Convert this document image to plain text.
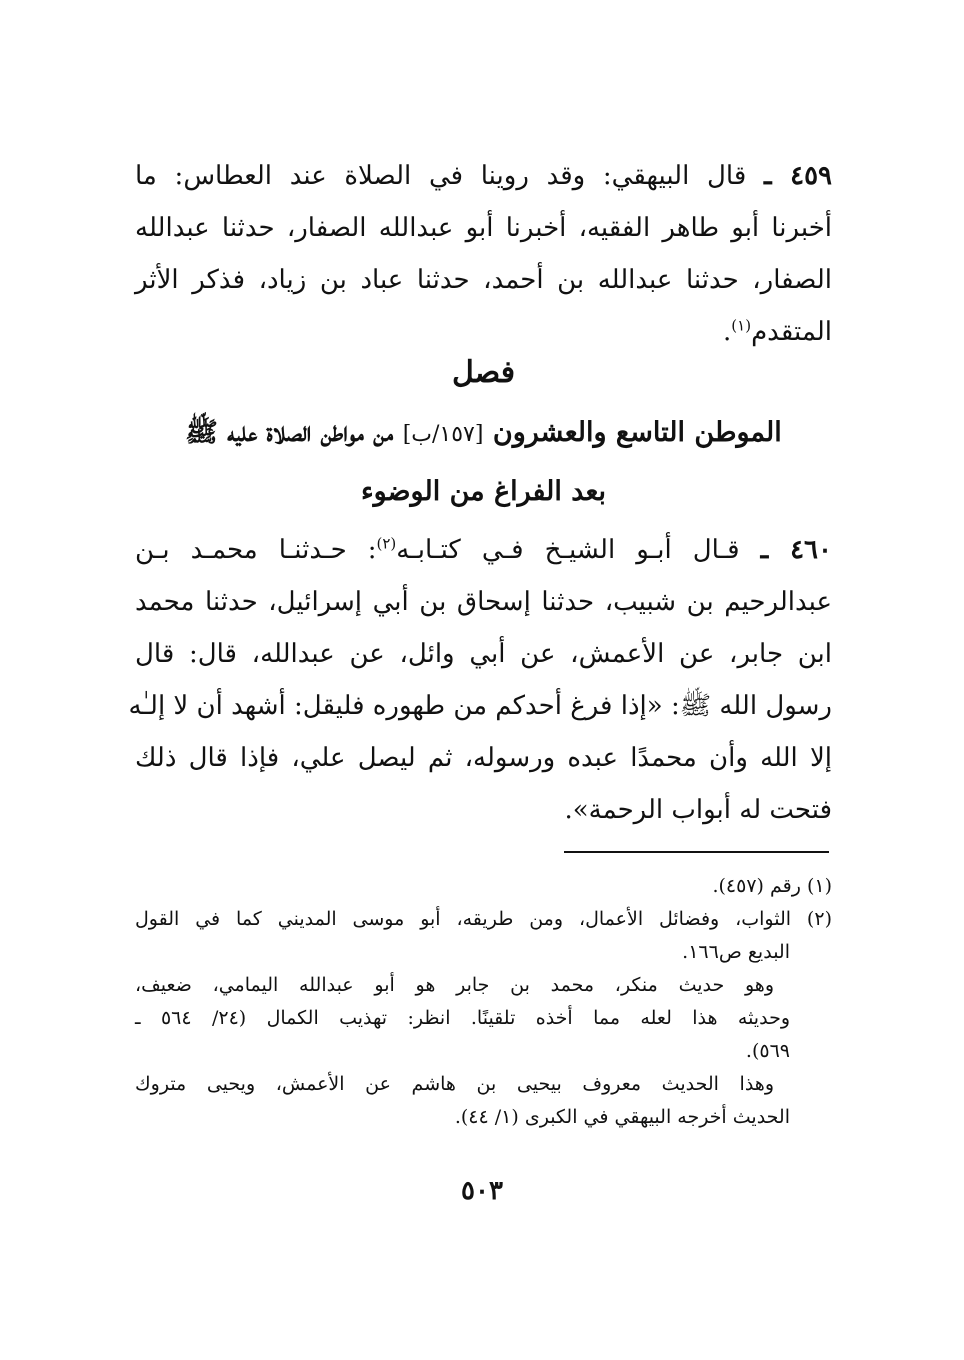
٤٥٩ ـ قال البيهقي: وقد روينا في الصلاة عند العطاس: ما
أخبرنا أبو طاهر الفقيه، أخبرنا أبو عبدالله الصفار، حدثنا عبدالله
الصفار، حدثنا عبدالله بن أحمد، حدثنا عباد بن زياد، فذكر الأثر
المتقدم$^{(١)}$.
فصل
الموطن التاسع والعشرون [١٥٧/ب] من مواطن الصلاة عليه ﷺ
بعد الفراغ من الوضوء
٤٦٠ ـ قـال أبـو الشيـخ فـي كتـابـه$^{(٢)}$: حـدثنـا محمـد بـن
عبدالرحيم بن شبيب، حدثنا إسحاق بن أبي إسرائيل، حدثنا محمد
ابن جابر، عن الأعمش، عن أبي وائل، عن عبدالله، قال: قال
رسول الله ﷺ: «إذا فرغ أحدكم من طهوره فليقل: أشهد أن لا إلـٰه
إلا الله وأن محمدًا عبده ورسوله، ثم ليصل علي، فإذا قال ذلك
فتحت له أبواب الرحمة».
(١) رقم (٤٥٧).
(٢) الثواب، وفضائل الأعمال، ومن طريقه، أبو موسى المديني كما في القول
البديع ص١٦٦.
وهو حديث منكر، محمد بن جابر هو أبو عبدالله اليمامي، ضعيف،
وحديثه هذا لعله مما أخذه تلقينًا. انظر: تهذيب الكمال (٢٤/ ٥٦٤ ـ
٥٦٩).
وهذا الحديث معروف بيحيى بن هاشم عن الأعمش، ويحيى متروك
الحديث أخرجه البيهقي في الكبرى (١/ ٤٤).
٥٠٣
